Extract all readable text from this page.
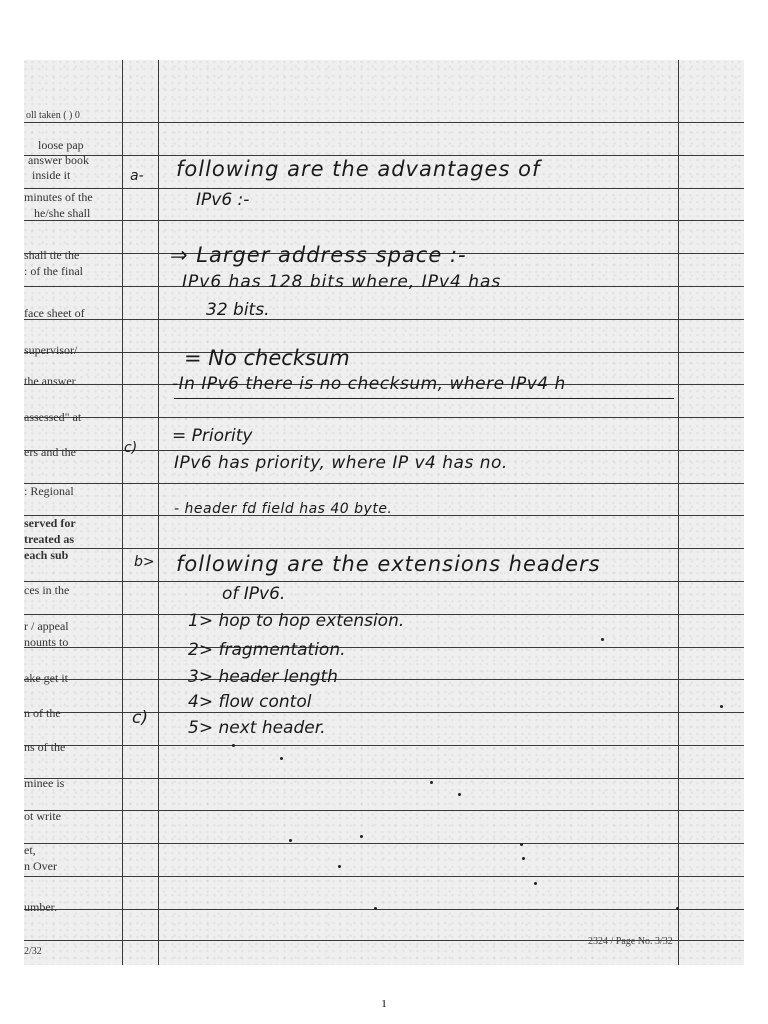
oll taken ( ) 0
loose pap
answer book
inside it
minutes of the
he/she shall
shall tie the
: of the final
face sheet of
supervisor/
the answer
assessed" at
ers and the
: Regional
served for
treated as
each sub
ces in the
r / appeal
nounts to
ake get it
n of the
ns of the
minee is
ot write
et,
n Over
umber.
2/32
a-
c)
b>
c)
following are the advantages of
IPv6 :-
⇒ Larger address space :-
IPv6 has 128 bits where, IPv4 has
32 bits.
= No checksum
-In IPv6 there is no checksum, where IPv4 h
= Priority
IPv6 has priority, where IP v4 has no.
- header fd field has 40 byte.
following are the extensions headers
of IPv6.
1> hop to hop extension.
2> fragmentation.
3> header length
4> flow contol
5> next header.
2324 / Page No. 3/32
1
